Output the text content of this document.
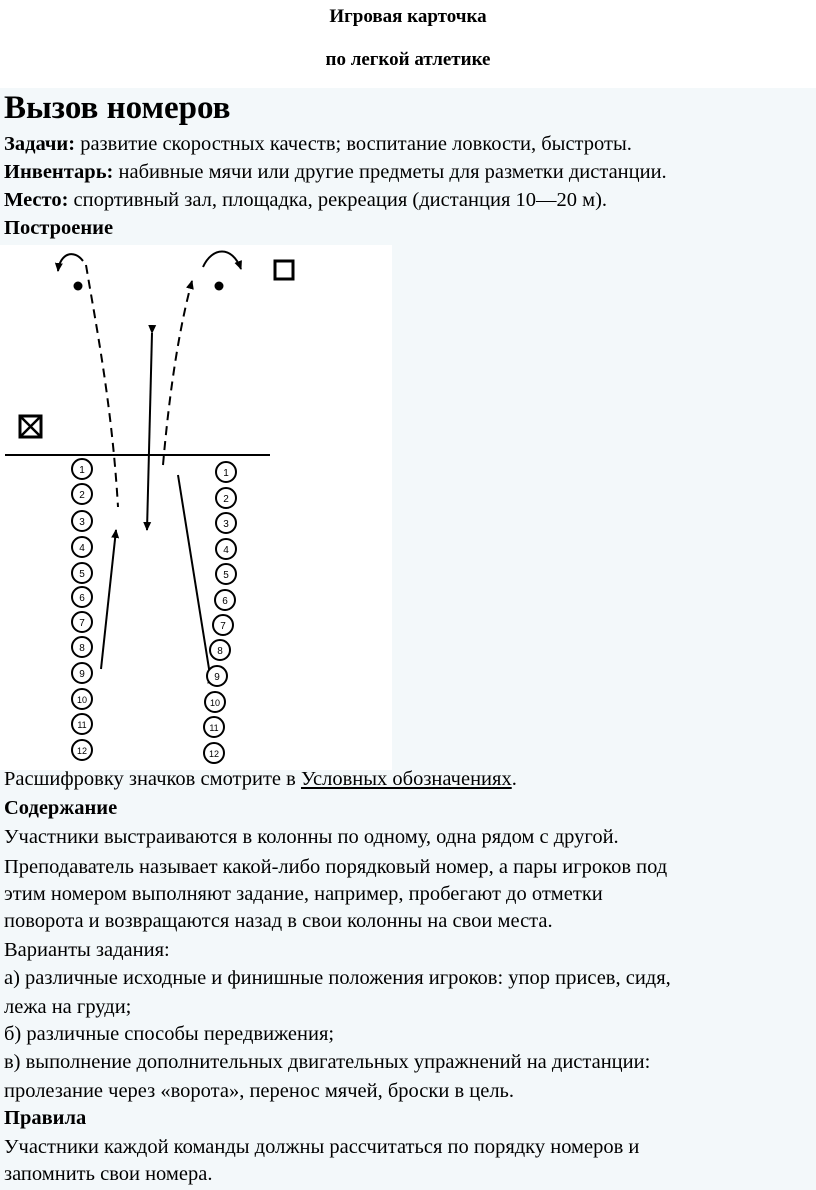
Игровая карточка
по легкой атлетике
Вызов номеров
Задачи: развитие скоростных качеств; воспитание ловкости, быстроты.
Инвентарь: набивные мячи или другие предметы для разметки дистанции.
Место: спортивный зал, площадка, рекреация (дистанция 10—20 м).
Построение
1
2
3
4
5
6
7
8
9
10
11
12
1
2
3
4
5
6
7
8
9
10
11
12
Расшифровку значков смотрите в Условных обозначениях.
Содержание
Участники выстраиваются в колонны по одному, одна рядом с другой.
Преподаватель называет какой-либо порядковый номер, а пары игроков под
этим номером выполняют задание, например, пробегают до отметки
поворота и возвращаются назад в свои колонны на свои места.
Варианты задания:
а) различные исходные и финишные положения игроков: упор присев, сидя,
лежа на груди;
б) различные способы передвижения;
в) выполнение дополнительных двигательных упражнений на дистанции:
пролезание через «ворота», перенос мячей, броски в цель.
Правила
Участники каждой команды должны рассчитаться по порядку номеров и
запомнить свои номера.
